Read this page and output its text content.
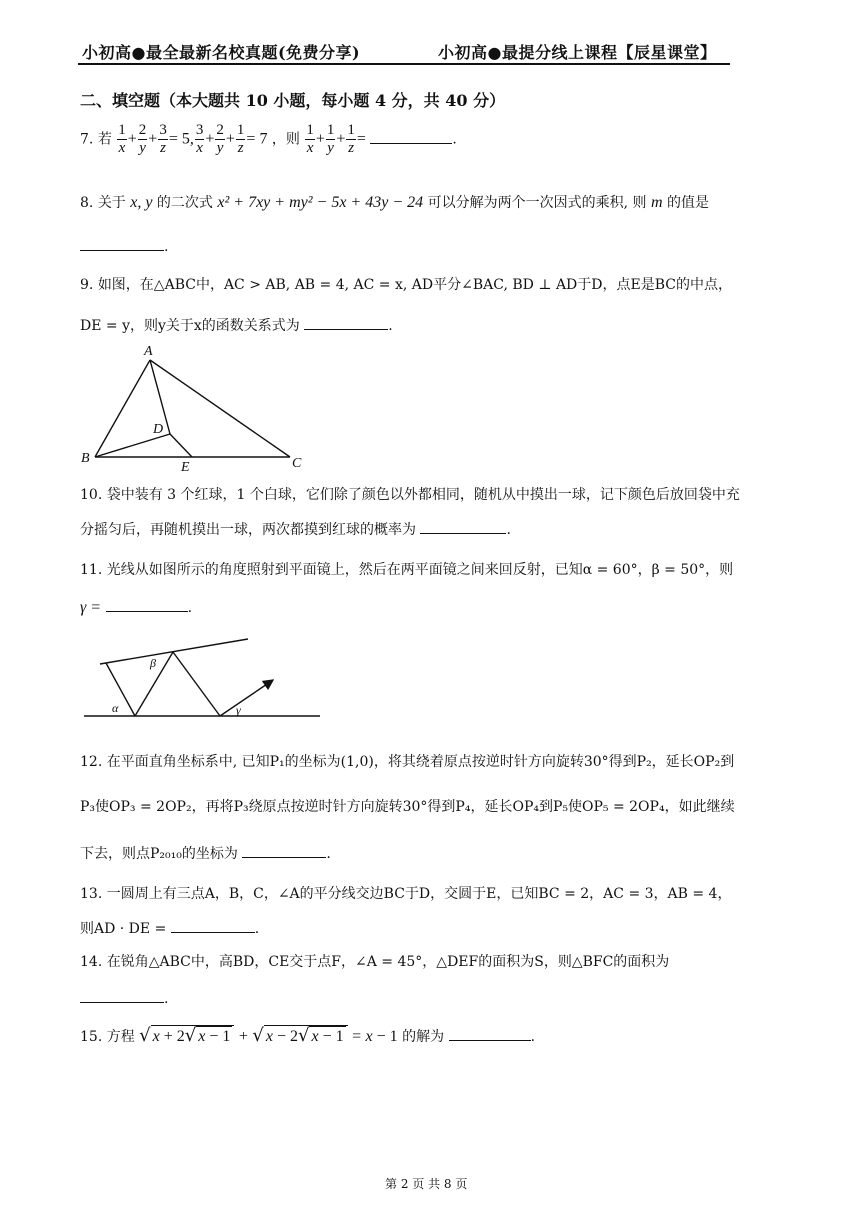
小初高●最全最新名校真题(免费分享)	小初高●最提分线上课程【辰星课堂】
二、填空题（本大题共 10 小题，每小题 4 分，共 40 分）
7. 若 $\frac{1}{x} + \frac{2}{y} + \frac{3}{z} = 5$, $\frac{3}{x} + \frac{2}{y} + \frac{1}{z} = 7$ ，则 $\frac{1}{x} + \frac{1}{y} + \frac{1}{z}$ =	.
8. 关于 x, y 的二次式 x² + 7xy + my² − 5x + 43y − 24 可以分解为两个一次因式的乘积, 则 m 的值是
.
9. 如图，在△ABC中，AC > AB, AB = 4, AC = x, AD平分∠BAC, BD ⊥ AD于D，点E是BC的中点，
DE = y，则y关于x的函数关系式为	.
A
B	C
D
E
10. 袋中装有 3 个红球，1 个白球，它们除了颜色以外都相同，随机从中摸出一球，记下颜色后放回袋中充
分摇匀后，再随机摸出一球，两次都摸到红球的概率为	.
11. 光线从如图所示的角度照射到平面镜上，然后在两平面镜之间来回反射，已知α = 60°，β = 50°，则
γ =	.
α
β
γ
12. 在平面直角坐标系中, 已知P₁的坐标为(1,0)，将其绕着原点按逆时针方向旋转30°得到P₂，延长OP₂到
P₃使OP₃ = 2OP₂，再将P₃绕原点按逆时针方向旋转30°得到P₄，延长OP₄到P₅使OP₅ = 2OP₄，如此继续
下去，则点P₂₀₁₀的坐标为	.
13. 一圆周上有三点A，B，C，∠A的平分线交边BC于D，交圆于E，已知BC = 2，AC = 3，AB = 4，
则AD · DE =	.
14. 在锐角△ABC中，高BD，CE交于点F，∠A = 45°，△DEF的面积为S，则△BFC的面积为
.
15. 方程 √ x + 2√ x − 1 + √ x − 2√ x − 1 = x − 1 的解为	.
第 2 页 共 8 页
